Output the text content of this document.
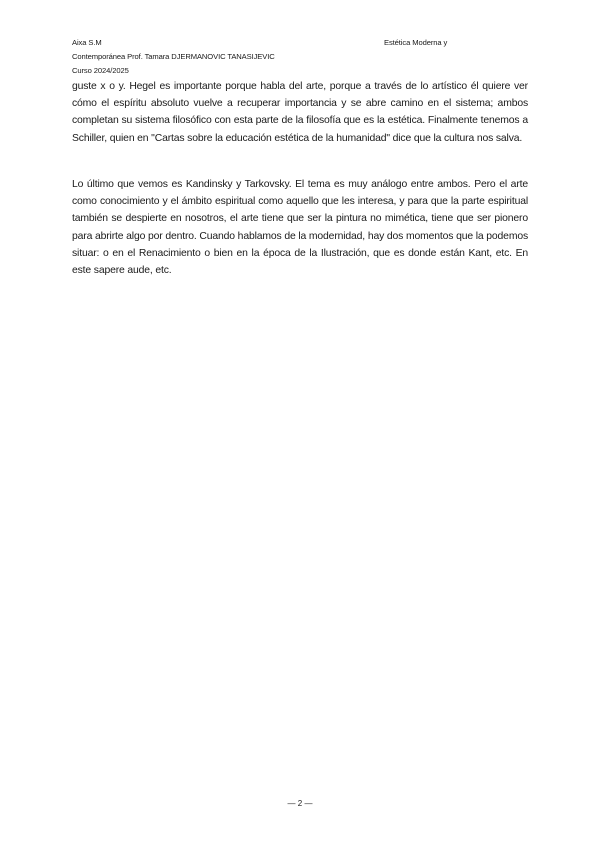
Aixa S.M	Estética Moderna y
Contemporánea Prof. Tamara DJERMANOVIC TANASIJEVIC
Curso 2024/2025
guste x o y. Hegel es importante porque habla del arte, porque a través de lo artístico él quiere ver cómo el espíritu absoluto vuelve a recuperar importancia y se abre camino en el sistema; ambos completan su sistema filosófico con esta parte de la filosofía que es la estética. Finalmente tenemos a Schiller, quien en "Cartas sobre la educación estética de la humanidad" dice que la cultura nos salva.
Lo último que vemos es Kandinsky y Tarkovsky. El tema es muy análogo entre ambos. Pero el arte como conocimiento y el ámbito espiritual como aquello que les interesa, y para que la parte espiritual también se despierte en nosotros, el arte tiene que ser la pintura no mimética, tiene que ser pionero para abrirte algo por dentro. Cuando hablamos de la modernidad, hay dos momentos que la podemos situar: o en el Renacimiento o bien en la época de la Ilustración, que es donde están Kant, etc. En este sapere aude, etc.
— 2 —
